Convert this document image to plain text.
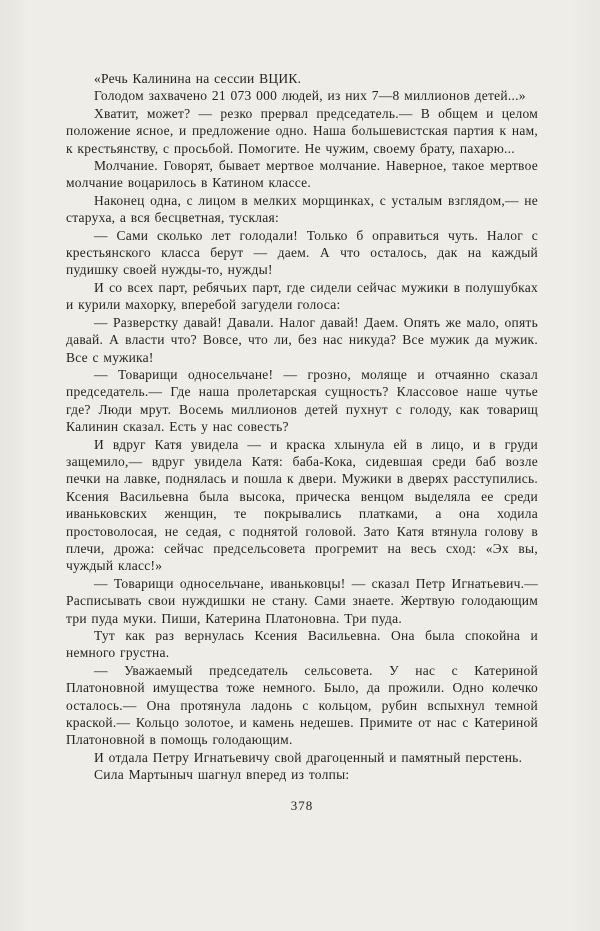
«Речь Калинина на сессии ВЦИК.

Голодом захвачено 21 073 000 людей, из них 7—8 миллионов детей...»

Хватит, может? — резко прервал председатель.— В общем и целом положение ясное, и предложение одно. Наша большевистская партия к нам, к крестьянству, с просьбой. Помогите. Не чужим, своему брату, пахарю...

Молчание. Говорят, бывает мертвое молчание. Наверное, такое мертвое молчание воцарилось в Катином классе.

Наконец одна, с лицом в мелких морщинках, с усталым взглядом,— не старуха, а вся бесцветная, тусклая:

— Сами сколько лет голодали! Только б оправиться чуть. Налог с крестьянского класса берут — даем. А что осталось, дак на каждый пудишку своей нужды-то, нужды!

И со всех парт, ребячьих парт, где сидели сейчас мужики в полушубках и курили махорку, вперебой загудели голоса:

— Разверстку давай! Давали. Налог давай! Даем. Опять же мало, опять давай. А власти что? Вовсе, что ли, без нас никуда? Все мужик да мужик. Все с мужика!

— Товарищи односельчане! — грозно, моляще и отчаянно сказал председатель.— Где наша пролетарская сущность? Классовое наше чутье где? Люди мрут. Восемь миллионов детей пухнут с голоду, как товарищ Калинин сказал. Есть у нас совесть?

И вдруг Катя увидела — и краска хлынула ей в лицо, и в груди защемило,— вдруг увидела Катя: баба-Кока, сидевшая среди баб возле печки на лавке, поднялась и пошла к двери. Мужики в дверях расступились. Ксения Васильевна была высока, прическа венцом выделяла ее среди иваньковских женщин, те покрывались платками, а она ходила простоволосая, не седая, с поднятой головой. Зато Катя втянула голову в плечи, дрожа: сейчас предсельсовета прогремит на весь сход: «Эх вы, чуждый класс!»

— Товарищи односельчане, иваньковцы! — сказал Петр Игнатьевич.— Расписывать свои нуждишки не стану. Сами знаете. Жертвую голодающим три пуда муки. Пиши, Катерина Платоновна. Три пуда.

Тут как раз вернулась Ксения Васильевна. Она была спокойна и немного грустна.

— Уважаемый председатель сельсовета. У нас с Катериной Платоновной имущества тоже немного. Было, да прожили. Одно колечко осталось.— Она протянула ладонь с кольцом, рубин вспыхнул темной краской.— Кольцо золотое, и камень недешев. Примите от нас с Катериной Платоновной в помощь голодающим.

И отдала Петру Игнатьевичу свой драгоценный и памятный перстень.

Сила Мартыныч шагнул вперед из толпы:

378
